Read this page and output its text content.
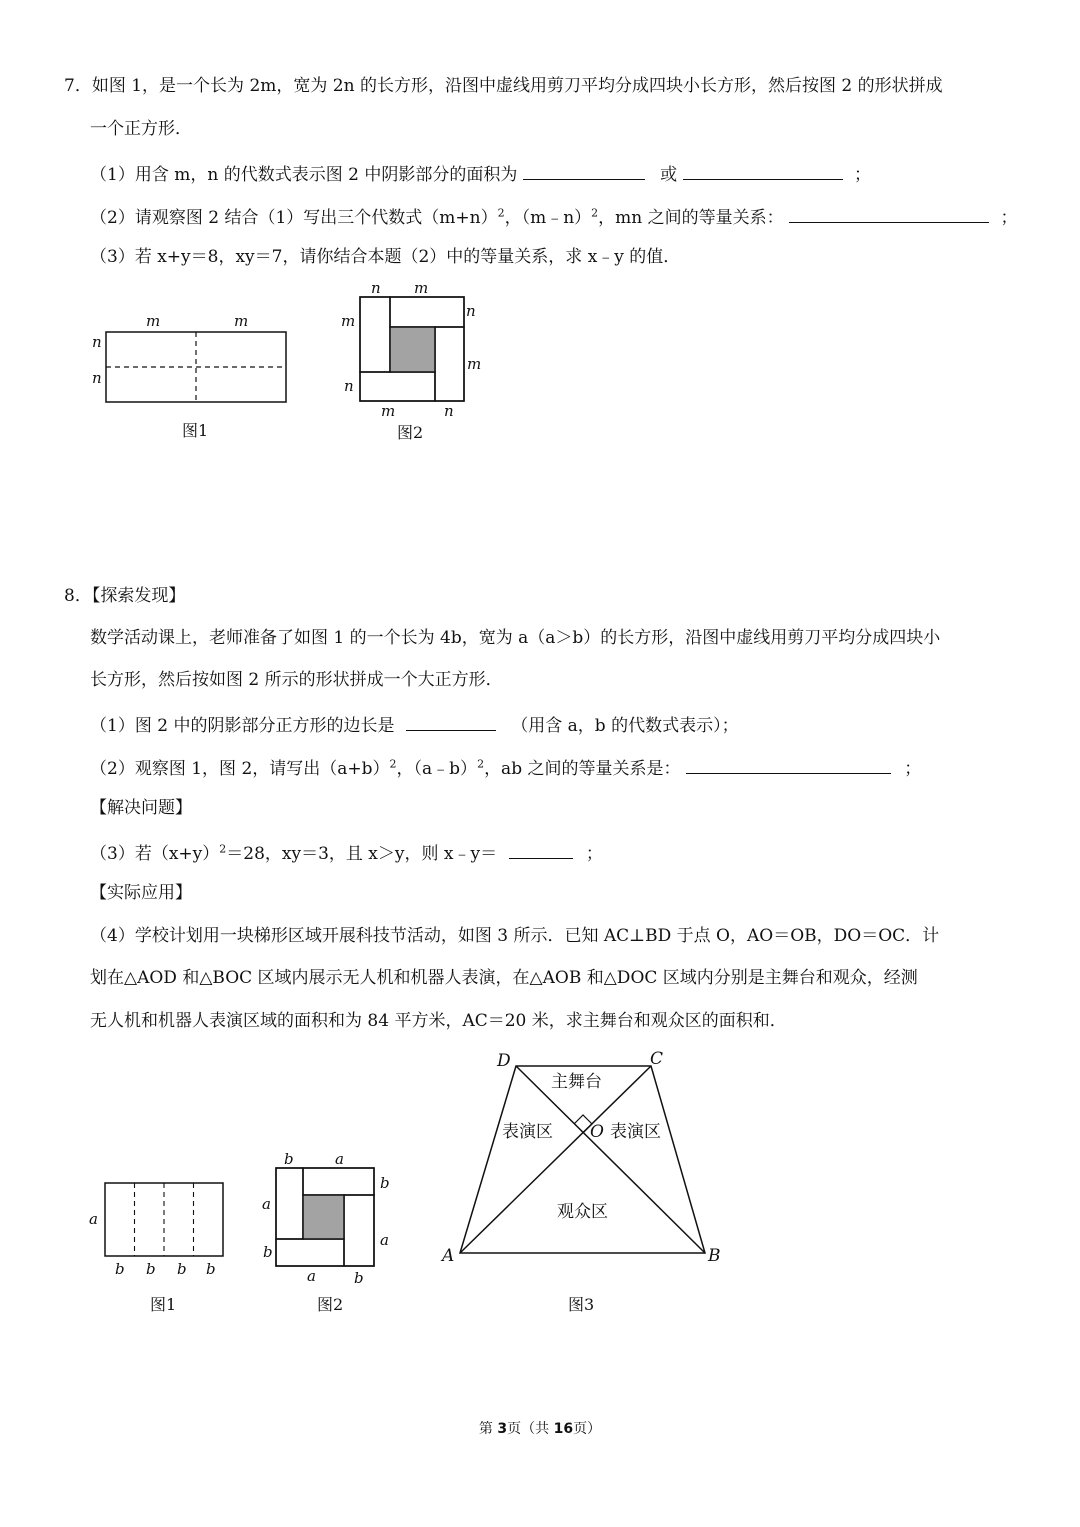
7．如图 1，是一个长为 2m，宽为 2n 的长方形，沿图中虚线用剪刀平均分成四块小长方形，然后按图 2 的形状拼成
一个正方形．
（1）用含 m，n 的代数式表示图 2 中阴影部分的面积为	或	；
（2）请观察图 2 结合（1）写出三个代数式$(m+n)^2$，（m﹣n）$^2$，mn 之间的等量关系：	；
（3）若 x+y＝8，xy＝7，请你结合本题（2）中的等量关系，求 x﹣y 的值．
m	m
n
n
图1
n m
m
n
m
n
m	n
图2
8．【探索发现】
数学活动课上，老师准备了如图 1 的一个长为 4b，宽为 a（a＞b）的长方形，沿图中虚线用剪刀平均分成四块小
长方形，然后按如图 2 所示的形状拼成一个大正方形．
（1）图 2 中的阴影部分正方形的边长是	（用含 a，b 的代数式表示）；
（2）观察图 1，图 2，请写出$(a+b)^2$，（a﹣b）$^2$，ab 之间的等量关系是：	；
【解决问题】
（3）若$(x+y)^2=28$，xy＝3，且 x＞y，则 x﹣y＝	；
【实际应用】
（4）学校计划用一块梯形区域开展科技节活动，如图 3 所示．已知 AC⊥BD 于点 O，AO＝OB，DO＝OC．计
划在△AOD 和△BOC 区域内展示无人机和机器人表演，在△AOB 和△DOC 区域内分别是主舞台和观众，经测
无人机和机器人表演区域的面积和为 84 平方米，AC＝20 米，求主舞台和观众区的面积和．
a
b b b b
图1
b	a
a
b
b
a
a	b
图2
D	C
A	B
O
主舞台
表演区	表演区
观众区
图3
第 3页（共 16页）
